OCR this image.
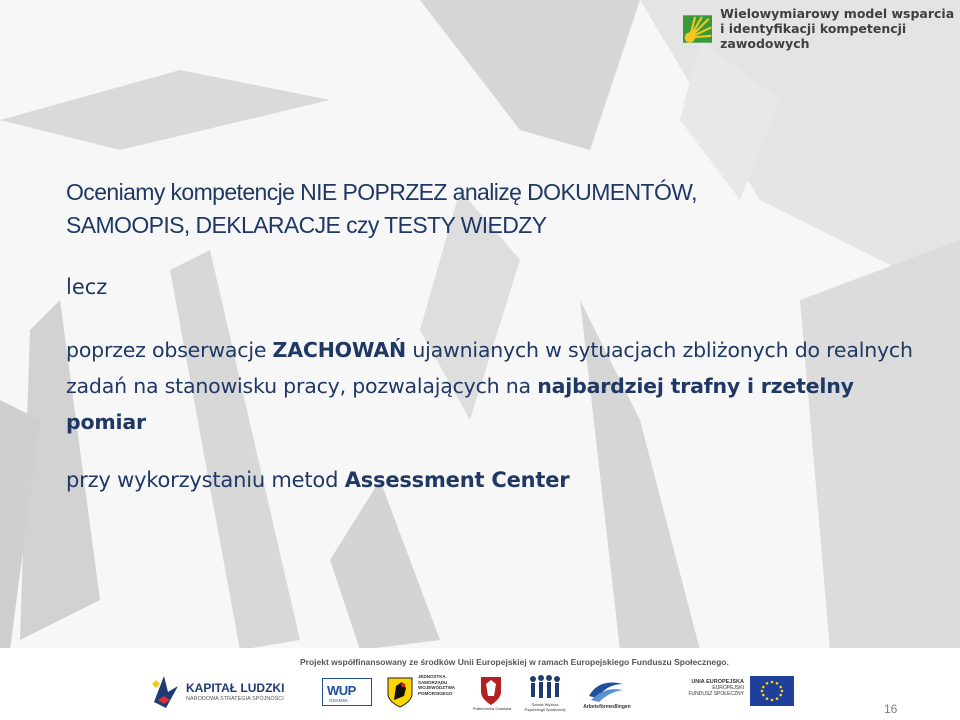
Wielowymiarowy model wsparcia
i identyfikacji kompetencji zawodowych

Oceniamy kompetencje NIE POPRZEZ analizę DOKUMENTÓW,
SAMOOPIS, DEKLARACJE czy TESTY WIEDZY

lecz

poprzez obserwacje ZACHOWAŃ ujawnianych w sytuacjach zbliżonych do realnych zadań na stanowisku pracy, pozwalających na najbardziej trafny i rzetelny pomiar

przy wykorzystaniu metod Assessment Center

Projekt współfinansowany ze środków Unii Europejskiej w ramach Europejskiego Funduszu Społecznego.
KAPITAŁ LUDZKI
NARODOWA STRATEGIA SPÓJNOŚCI
WUP
GDAŃSK
JEDNOSTKA SAMORZĄDU WOJEWÓDZTWA POMORSKIEGO
Politechnika Gdańska
Szkoła Wyższa Psychologii Społecznej	Arbetsförmedlingen
UNIA EUROPEJSKA
EUROPEJSKI
FUNDUSZ SPOŁECZNY
16
